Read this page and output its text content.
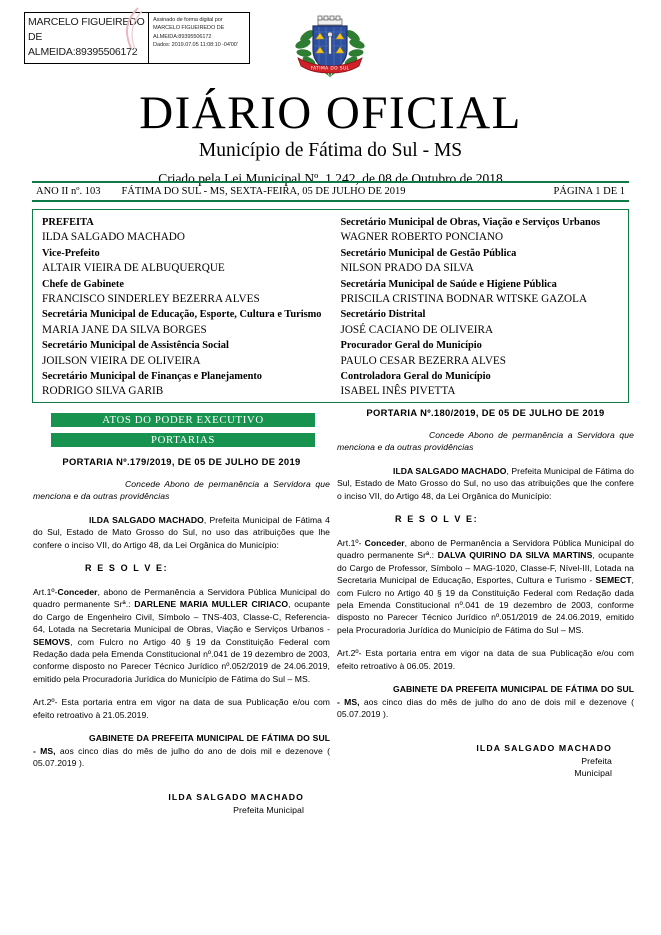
MARCELO FIGUEIREDO
DE
ALMEIDA:89395506172
Assinado de forma digital por
MARCELO FIGUEIREDO DE
ALMEIDA:89395506172
Dados: 2019.07.05 11:08:10 -04'00'
FATIMA DO SUL
DIÁRIO OFICIAL
Município de Fátima do Sul - MS
Criado pela Lei Municipal Nº. 1.242, de 08 de Outubro de 2018
ANO II nº. 103	FÁTIMA DO SUL - MS, SEXTA-FEIRA, 05 DE JULHO DE 2019	PÁGINA 1 DE 1
PREFEITA
ILDA SALGADO MACHADO
Vice-Prefeito
ALTAIR VIEIRA DE ALBUQUERQUE
Chefe de Gabinete
FRANCISCO SINDERLEY BEZERRA ALVES
Secretária Municipal de Educação, Esporte, Cultura e Turismo
MARIA JANE DA SILVA BORGES
Secretário Municipal de Assistência Social
JOILSON VIEIRA DE OLIVEIRA
Secretário Municipal de Finanças e Planejamento
RODRIGO SILVA GARIB
Secretário Municipal de Obras, Viação e Serviços Urbanos
WAGNER ROBERTO PONCIANO
Secretário Municipal de Gestão Pública
NILSON PRADO DA SILVA
Secretária Municipal de Saúde e Higiene Pública
PRISCILA CRISTINA BODNAR WITSKE GAZOLA
Secretário Distrital
JOSÉ CACIANO DE OLIVEIRA
Procurador Geral do Município
PAULO CESAR BEZERRA ALVES
Controladora Geral do Município
ISABEL INÊS PIVETTA
ATOS DO PODER EXECUTIVO
PORTARIAS
PORTARIA Nº.179/2019, DE 05 DE JULHO DE 2019
Concede Abono de permanência a Servidora que menciona e da outras providências
ILDA SALGADO MACHADO, Prefeita Municipal de Fátima 4 do Sul, Estado de Mato Grosso do Sul, no uso das atribuições que lhe confere o inciso VII, do Artigo 48, da Lei Orgânica do Município:
R E S O L V E:
Art.1º-Conceder, abono de Permanência a Servidora Pública Municipal do quadro permanente Srª.: DARLENE MARIA MULLER CIRIACO, ocupante do Cargo de Engenheiro Civil, Símbolo – TNS-403, Classe-C, Referencia-64, Lotada na Secretaria Municipal de Obras, Viação e Serviços Urbanos - SEMOVS, com Fulcro no Artigo 40 § 19 da Constituição Federal com Redação dada pela Emenda Constitucional nº.041 de 19 dezembro de 2003, conforme disposto no Parecer Técnico Jurídico nº.052/2019 de 24.06.2019, emitido pela Procuradoria Jurídica do Município de Fátima do Sul – MS.
Art.2º- Esta portaria entra em vigor na data de sua Publicação e/ou com efeito retroativo à 21.05.2019.
GABINETE DA PREFEITA MUNICIPAL DE FÁTIMA DO SUL - MS, aos cinco dias do mês de julho do ano de dois mil e dezenove ( 05.07.2019 ).
ILDA SALGADO MACHADO
Prefeita Municipal
PORTARIA Nº.180/2019, DE 05 DE JULHO DE 2019
Concede Abono de permanência a Servidora que menciona e da outras providências
ILDA SALGADO MACHADO, Prefeita Municipal de Fátima do Sul, Estado de Mato Grosso do Sul, no uso das atribuições que lhe confere o inciso VII, do Artigo 48, da Lei Orgânica do Município:
R E S O L V E:
Art.1º- Conceder, abono de Permanência a Servidora Pública Municipal do quadro permanente Srª.: DALVA QUIRINO DA SILVA MARTINS, ocupante do Cargo de Professor, Símbolo – MAG-1020, Classe-F, Nível-III, Lotada na Secretaria Municipal de Educação, Esportes, Cultura e Turismo - SEMECT, com Fulcro no Artigo 40 § 19 da Constituição Federal com Redação dada pela Emenda Constitucional nº.041 de 19 dezembro de 2003, conforme disposto no Parecer Técnico Jurídico nº.051/2019 de 24.06.2019, emitido pela Procuradoria Jurídica do Município de Fátima do Sul – MS.
Art.2º- Esta portaria entra em vigor na data de sua Publicação e/ou com efeito retroativo à 06.05. 2019.
GABINETE DA PREFEITA MUNICIPAL DE FÁTIMA DO SUL - MS, aos cinco dias do mês de julho do ano de dois mil e dezenove ( 05.07.2019 ).
ILDA SALGADO MACHADO
Prefeita
Municipal
